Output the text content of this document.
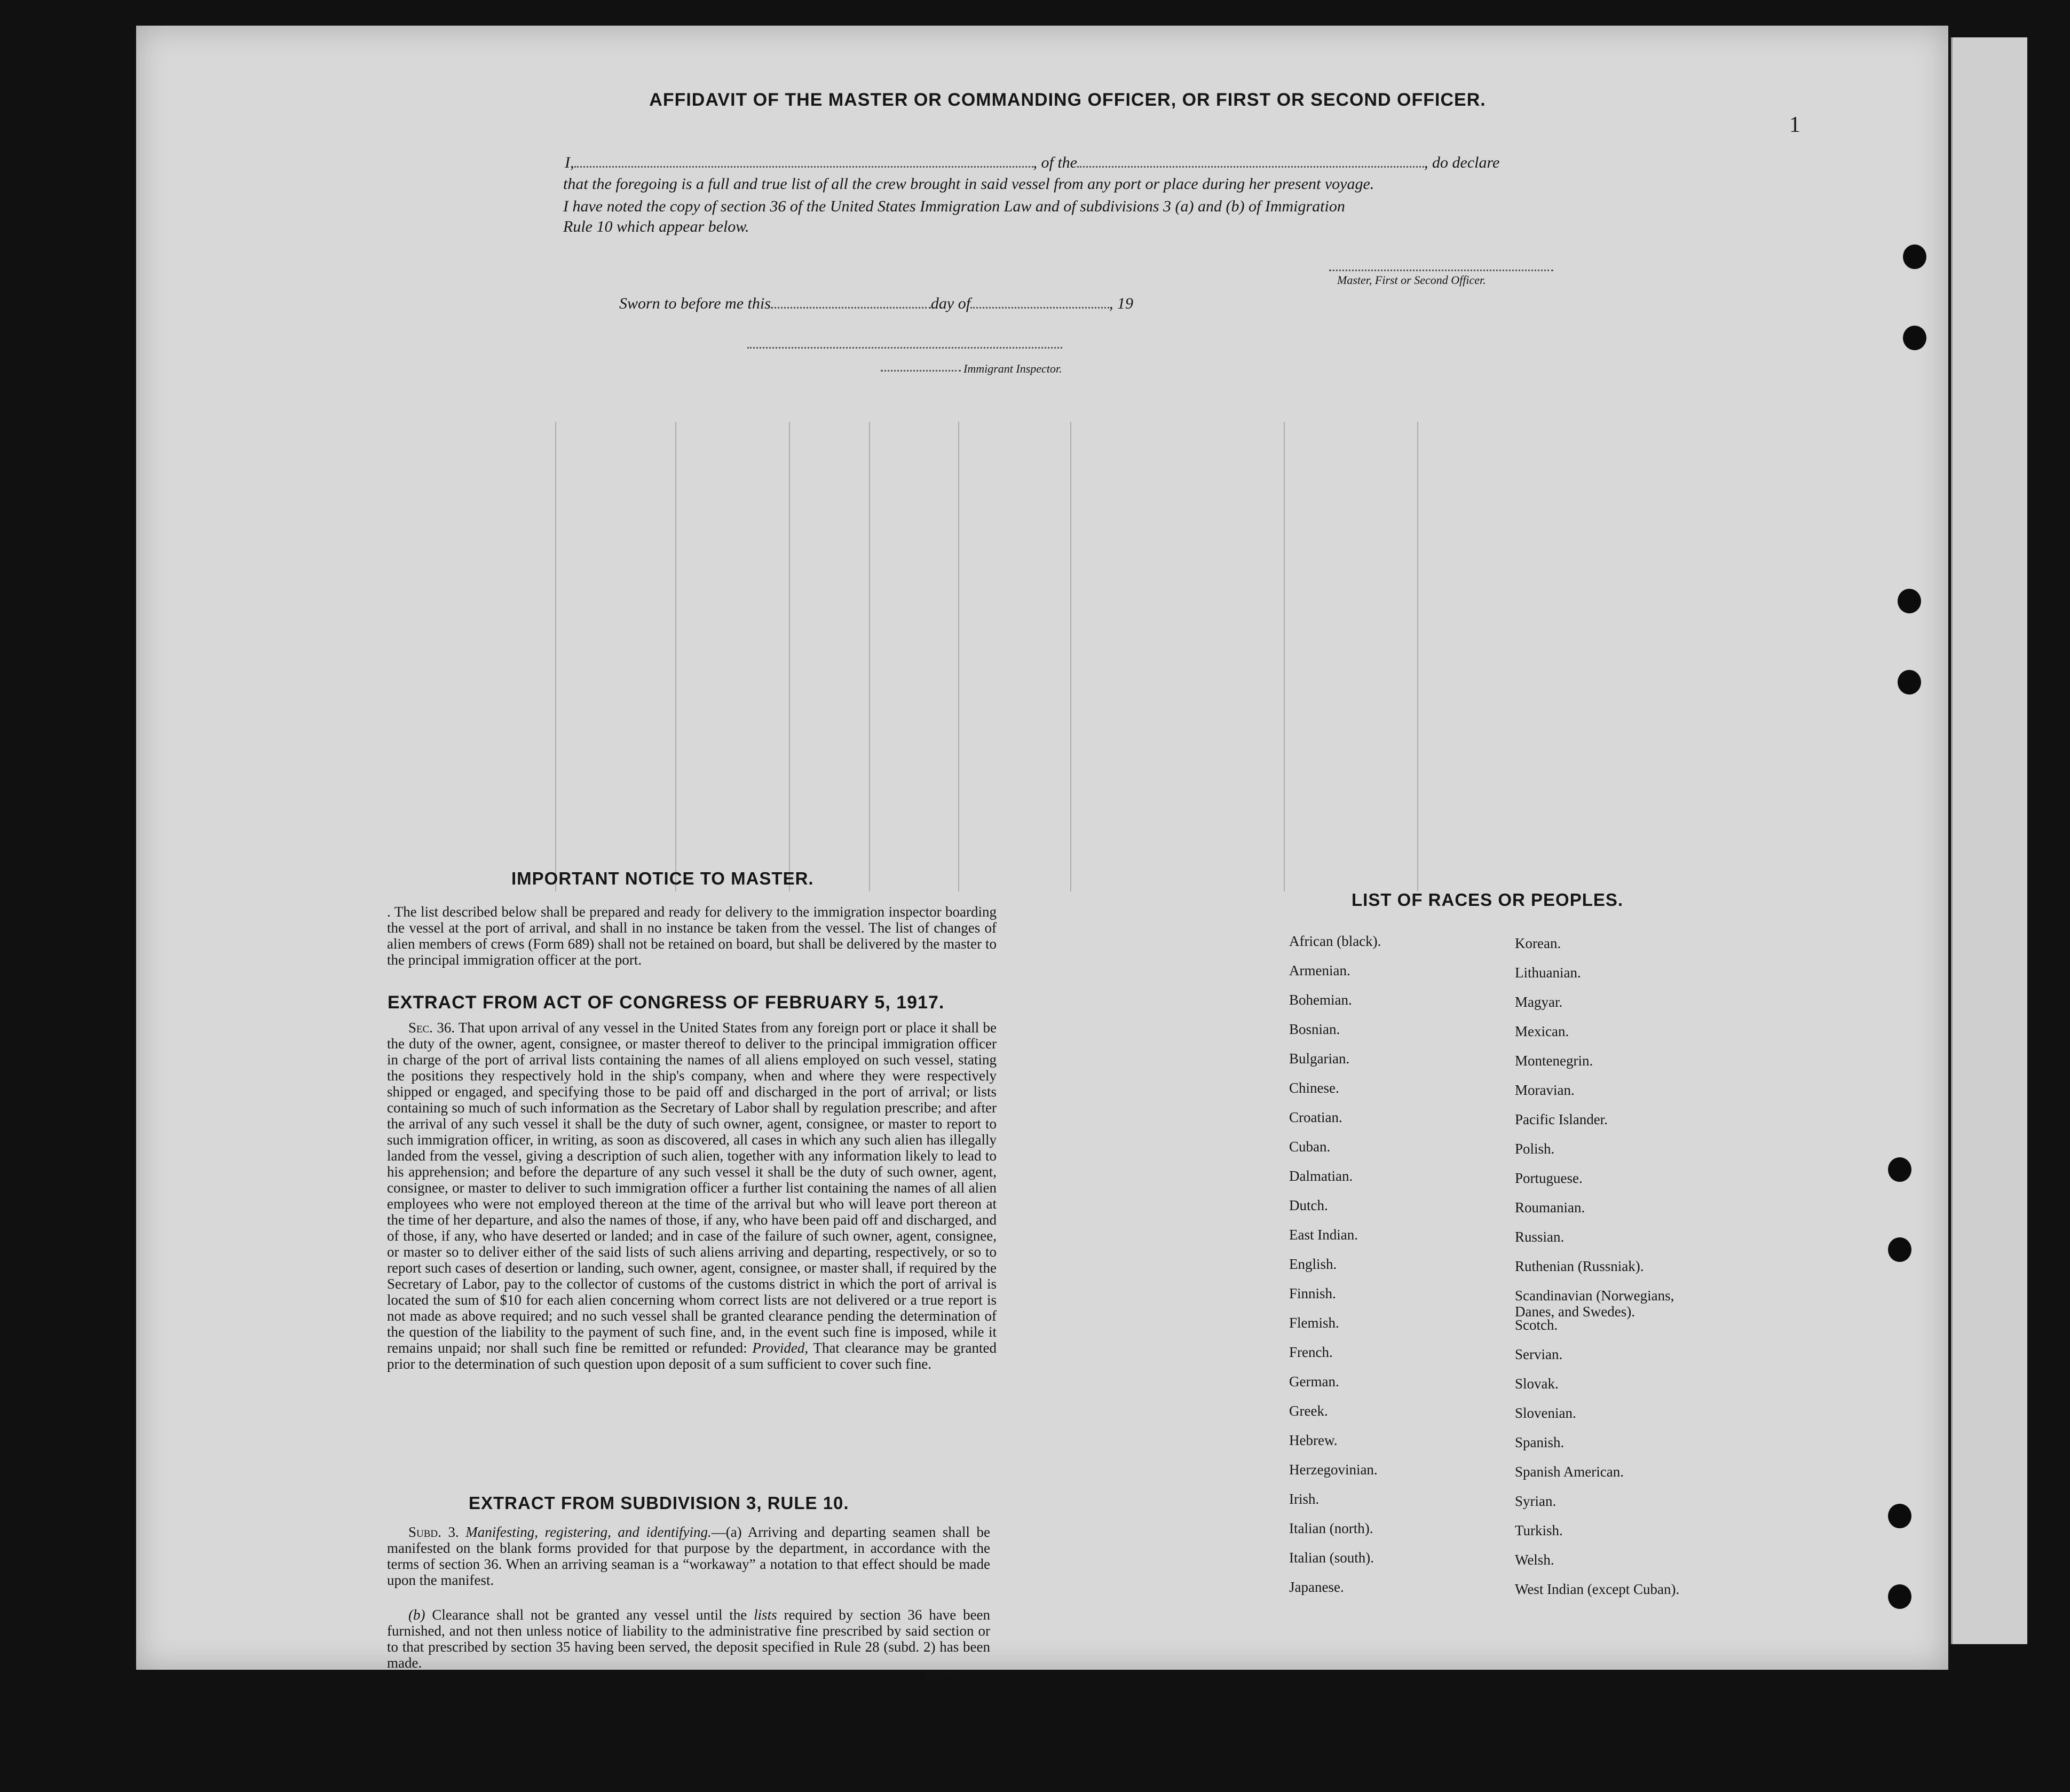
1
AFFIDAVIT OF THE MASTER OR COMMANDING OFFICER, OR FIRST OR SECOND OFFICER.
I,	, of the	, do declare
that the foregoing is a full and true list of all the crew brought in said vessel from any port or place during her present voyage.
I have noted the copy of section 36 of the United States Immigration Law and of subdivisions 3 (a) and (b) of Immigration
Rule 10 which appear below.
Master, First or Second Officer.
Sworn to before me this	day of	, 19
Immigrant Inspector.
IMPORTANT NOTICE TO MASTER.
. The list described below shall be prepared and ready for delivery to the immigration inspector boarding the vessel at the port of arrival, and shall in no instance be taken from the vessel. The list of changes of alien members of crews (Form 689) shall not be retained on board, but shall be delivered by the master to the principal immigration officer at the port.
EXTRACT FROM ACT OF CONGRESS OF FEBRUARY 5, 1917.
Sec. 36. That upon arrival of any vessel in the United States from any foreign port or place it shall be the duty of the owner, agent, consignee, or master thereof to deliver to the principal immigration officer in charge of the port of arrival lists containing the names of all aliens employed on such vessel, stating the positions they respectively hold in the ship's company, when and where they were respectively shipped or engaged, and specifying those to be paid off and discharged in the port of arrival; or lists containing so much of such information as the Secretary of Labor shall by regulation prescribe; and after the arrival of any such vessel it shall be the duty of such owner, agent, consignee, or master to report to such immigration officer, in writing, as soon as discovered, all cases in which any such alien has illegally landed from the vessel, giving a description of such alien, together with any information likely to lead to his apprehension; and before the departure of any such vessel it shall be the duty of such owner, agent, consignee, or master to deliver to such immigration officer a further list containing the names of all alien employees who were not employed thereon at the time of the arrival but who will leave port thereon at the time of her departure, and also the names of those, if any, who have been paid off and discharged, and of those, if any, who have deserted or landed; and in case of the failure of such owner, agent, consignee, or master so to deliver either of the said lists of such aliens arriving and departing, respectively, or so to report such cases of desertion or landing, such owner, agent, consignee, or master shall, if required by the Secretary of Labor, pay to the collector of customs of the customs district in which the port of arrival is located the sum of $10 for each alien concerning whom correct lists are not delivered or a true report is not made as above required; and no such vessel shall be granted clearance pending the determination of the question of the liability to the payment of such fine, and, in the event such fine is imposed, while it remains unpaid; nor shall such fine be remitted or refunded: Provided, That clearance may be granted prior to the determination of such question upon deposit of a sum sufficient to cover such fine.
EXTRACT FROM SUBDIVISION 3, RULE 10.
Subd. 3. Manifesting, registering, and identifying.—(a) Arriving and departing seamen shall be manifested on the blank forms provided for that purpose by the department, in accordance with the terms of section 36. When an arriving seaman is a “workaway” a notation to that effect should be made upon the manifest.
(b) Clearance shall not be granted any vessel until the lists required by section 36 have been furnished, and not then unless notice of liability to the administrative fine prescribed by said section or to that prescribed by section 35 having been served, the deposit specified in Rule 28 (subd. 2) has been made.
14—1240
LIST OF RACES OR PEOPLES.
African (black).
Armenian.
Bohemian.
Bosnian.
Bulgarian.
Chinese.
Croatian.
Cuban.
Dalmatian.
Dutch.
East Indian.
English.
Finnish.
Flemish.
French.
German.
Greek.
Hebrew.
Herzegovinian.
Irish.
Italian (north).
Italian (south).
Japanese.
Korean.
Lithuanian.
Magyar.
Mexican.
Montenegrin.
Moravian.
Pacific Islander.
Polish.
Portuguese.
Roumanian.
Russian.
Ruthenian (Russniak).
Scandinavian (Norwegians,
Danes, and Swedes).
Scotch.
Servian.
Slovak.
Slovenian.
Spanish.
Spanish American.
Syrian.
Turkish.
Welsh.
West Indian (except Cuban).
